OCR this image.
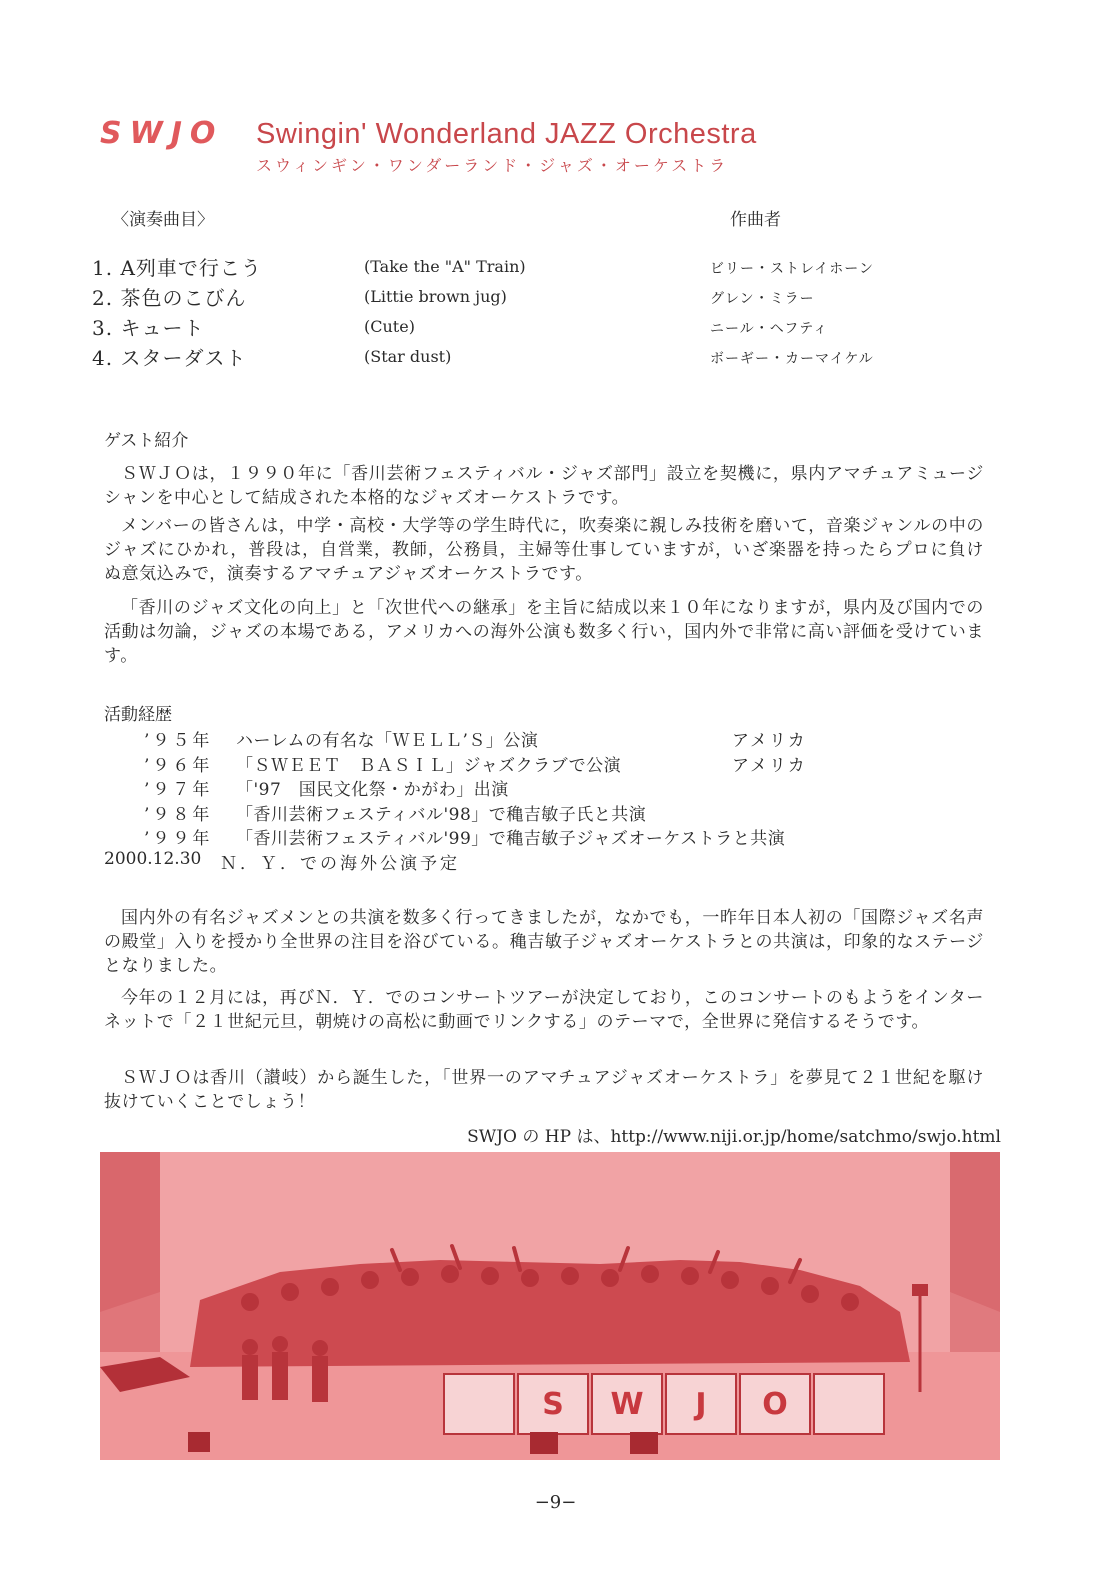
SWJO Swingin' Wonderland JAZZ Orchestra
スウィンギン・ワンダーランド・ジャズ・オーケストラ
〈演奏曲目〉	作曲者
1. A列車で行こう	(Take the "A" Train)	ビリー・ストレイホーン
2. 茶色のこびん	(Littie brown jug)	グレン・ミラー
3. キュート	(Cute)	ニール・ヘフティ
4. スターダスト	(Star dust)	ボーギー・カーマイケル
ゲスト紹介

ＳＷＪＯは，１９９０年に「香川芸術フェスティバル・ジャズ部門」設立を契機に，県内アマチュアミュージシャンを中心として結成された本格的なジャズオーケストラです。

メンバーの皆さんは，中学・高校・大学等の学生時代に，吹奏楽に親しみ技術を磨いて，音楽ジャンルの中のジャズにひかれ，普段は，自営業，教師，公務員，主婦等仕事していますが，いざ楽器を持ったらプロに負けぬ意気込みで，演奏するアマチュアジャズオーケストラです。

「香川のジャズ文化の向上」と「次世代への継承」を主旨に結成以来１０年になりますが，県内及び国内での活動は勿論，ジャズの本場である，アメリカへの海外公演も数多く行い，国内外で非常に高い評価を受けています。

活動経歴
’９５年 ハーレムの有名な「ＷＥＬＬ’Ｓ」公演	アメリカ
’９６年 「ＳＷＥＥＴ　ＢＡＳＩＬ」ジャズクラブで公演	アメリカ
’９７年 「'97　国民文化祭・かがわ」出演
’９８年 「香川芸術フェスティバル'98」で穐吉敏子氏と共演
’９９年 「香川芸術フェスティバル'99」で穐吉敏子ジャズオーケストラと共演
2000.12.30 Ｎ．Ｙ．での海外公演予定

国内外の有名ジャズメンとの共演を数多く行ってきましたが，なかでも，一昨年日本人初の「国際ジャズ名声の殿堂」入りを授かり全世界の注目を浴びている。穐吉敏子ジャズオーケストラとの共演は，印象的なステージとなりました。

今年の１２月には，再びＮ．Ｙ．でのコンサートツアーが決定しており，このコンサートのもようをインターネットで「２１世紀元旦，朝焼けの高松に動画でリンクする」のテーマで，全世界に発信するそうです。

ＳＷＪＯは香川（讃岐）から誕生した，「世界一のアマチュアジャズオーケストラ」を夢見て２１世紀を駆け抜けていくことでしょう！

SWJO の HP は、http://www.niji.or.jp/home/satchmo/swjo.html
S W J O
−9−
